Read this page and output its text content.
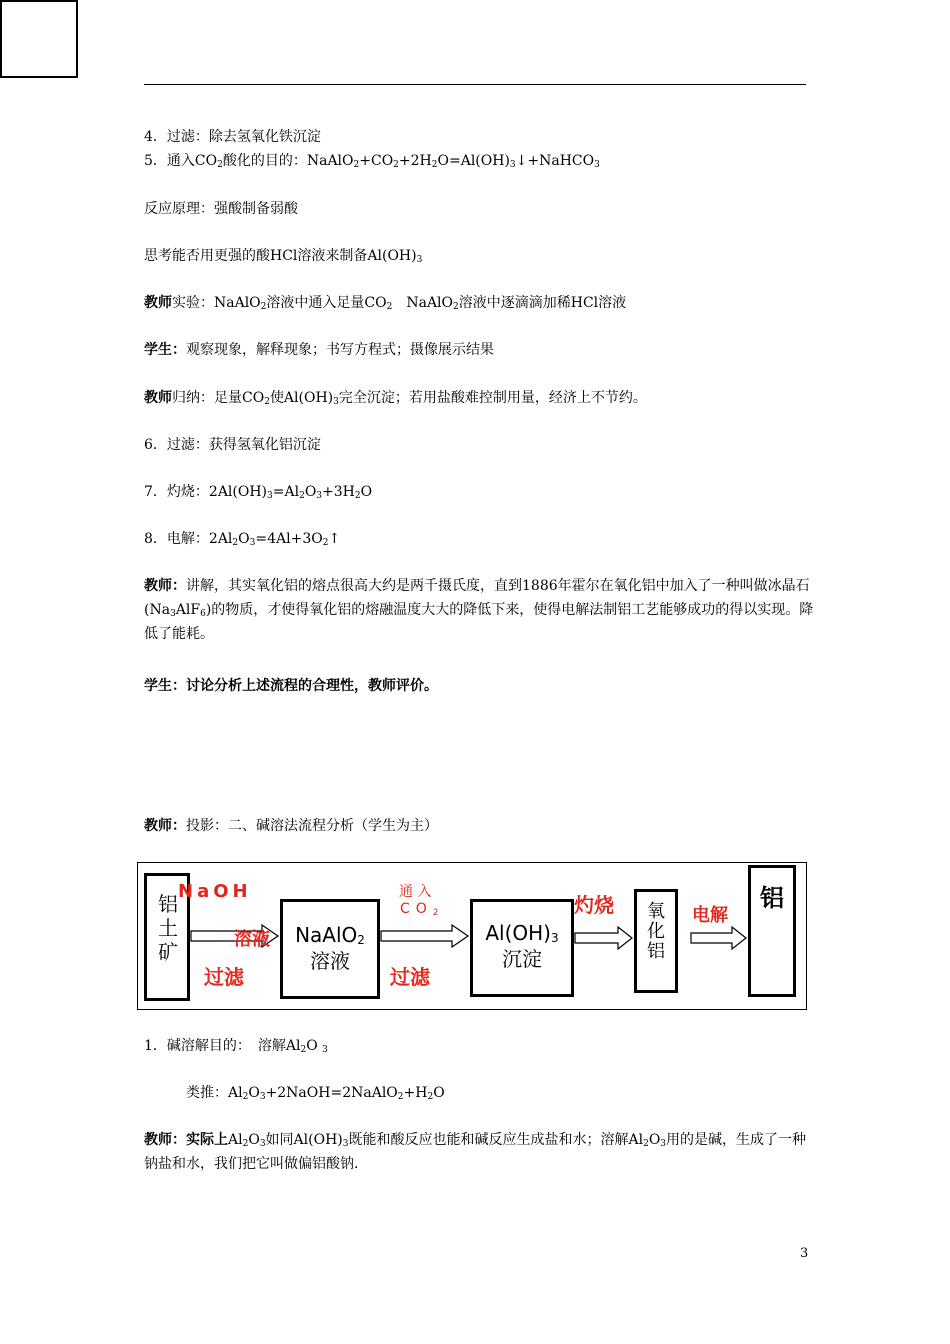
4．过滤：除去氢氧化铁沉淀
5．通入$CO_2$酸化的目的：$NaAlO_2+CO_2+2H_2O=Al(OH)_3↓+NaHCO_3$
反应原理：强酸制备弱酸
思考能否用更强的酸HCl溶液来制备$Al(OH)_3$
教师实验：NaAlO$_2$溶液中通入足量$CO_2$　NaAlO$_2$溶液中逐滴滴加稀HCl溶液
学生：观察现象，解释现象；书写方程式；摄像展示结果
教师归纳：足量$CO_2$使$Al(OH)_3$完全沉淀；若用盐酸难控制用量，经济上不节约。
6．过滤：获得氢氧化铝沉淀
7．灼烧：$2Al(OH)_3=Al_2O_3+3H_2O$
8．电解：$2Al_2O_3=4Al+3O_2↑$
教师：讲解，其实氧化铝的熔点很高大约是两千摄氏度，直到1886年霍尔在氧化铝中加入了一种叫做冰晶石$(Na_3AlF_6)$的物质，才使得氧化铝的熔融温度大大的降低下来，使得电解法制铝工艺能够成功的得以实现。降低了能耗。
学生：讨论分析上述流程的合理性，教师评价。
教师：投影：二、碱溶法流程分析（学生为主）
铝土矿
NaOH
溶液
过滤
NaAlO$_2$
溶液
通 入
$CO_2$
过滤
$Al(OH)_3$
沉淀
灼烧 氧化铝
电解
铝
1．碱溶解目的：　溶解$Al_2O$ $_3$
类推：$Al_2O_3+2NaOH=2NaAlO_2+H_2O$
教师：实际上$Al_2O_3$如同$Al(OH)_3$既能和酸反应也能和碱反应生成盐和水；溶解$Al_2O_3$用的是碱，生成了一种钠盐和水，我们把它叫做偏铝酸钠.
3
